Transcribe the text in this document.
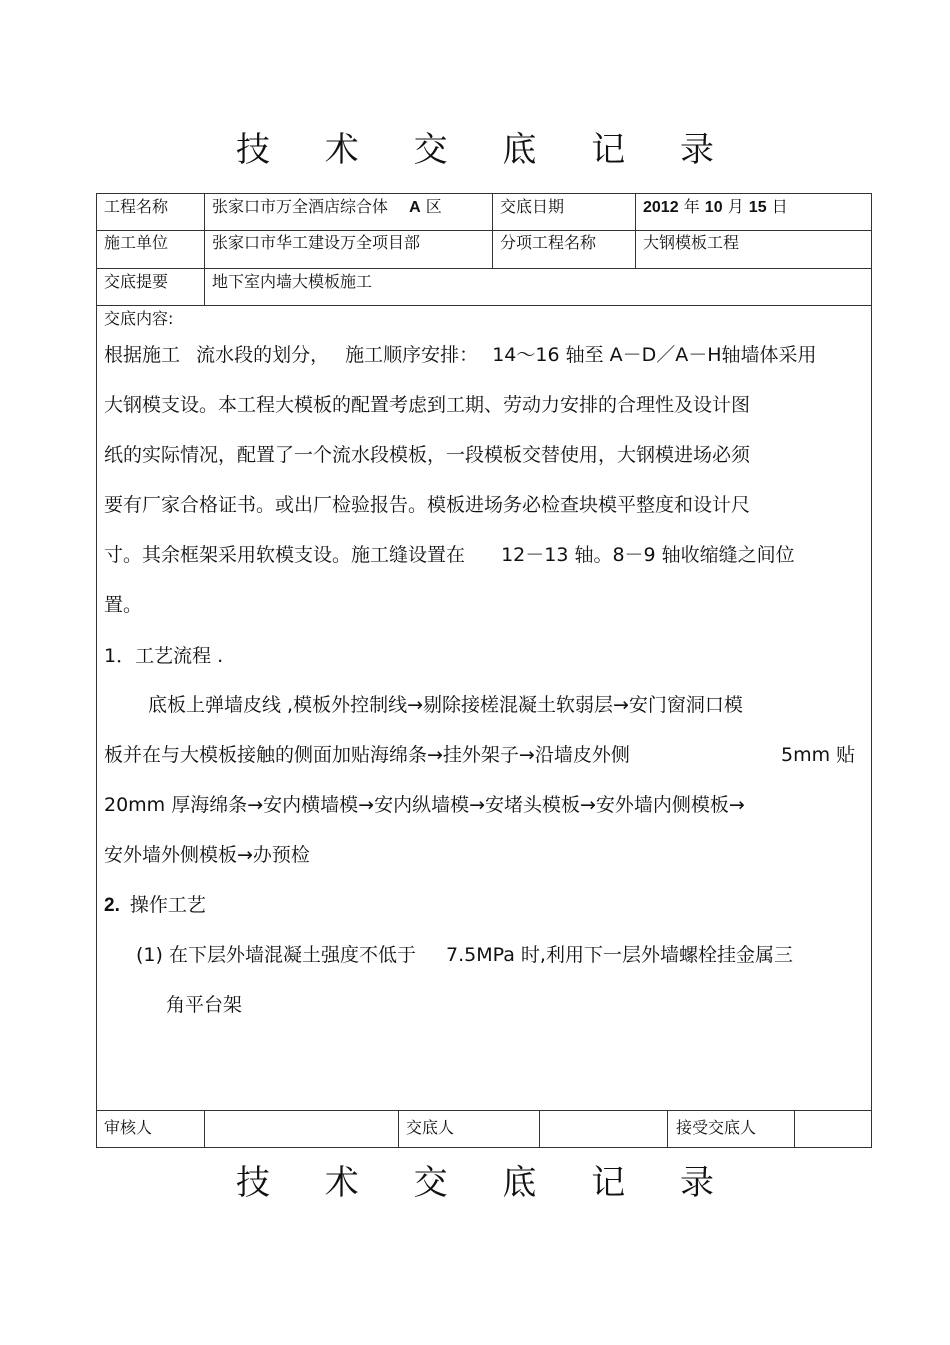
技 术 交 底 记 录
工程名称	张家口市万全酒店综合体 A 区	交底日期	2012 年 10 月 15 日
施工单位	张家口市华工建设万全项目部	分项工程名称	大钢模板工程
交底提要	地下室内墙大模板施工
交底内容:
根据施工 流水段的划分， 施工顺序安排： 14～16 轴至 A－D／A－H轴墙体采用
大钢模支设。本工程大模板的配置考虑到工期、劳动力安排的合理性及设计图
纸的实际情况，配置了一个流水段模板，一段模板交替使用，大钢模进场必须
要有厂家合格证书。或出厂检验报告。模板进场务必检查块模平整度和设计尺
寸。其余框架采用软模支设。施工缝设置在 12－13 轴。8－9 轴收缩缝之间位
置。
1．工艺流程 .
底板上弹墙皮线 ,模板外控制线→剔除接槎混凝土软弱层→安门窗洞口模
板并在与大模板接触的侧面加贴海绵条→挂外架子→沿墙皮外侧	5mm 贴
20mm 厚海绵条→安内横墙模→安内纵墙模→安堵头模板→安外墙内侧模板→
安外墙外侧模板→办预检
2. 操作工艺
(1) 在下层外墙混凝土强度不低于 7.5MPa 时,利用下一层外墙螺栓挂金属三
角平台架
审核人	交底人	接受交底人
技 术 交 底 记 录
